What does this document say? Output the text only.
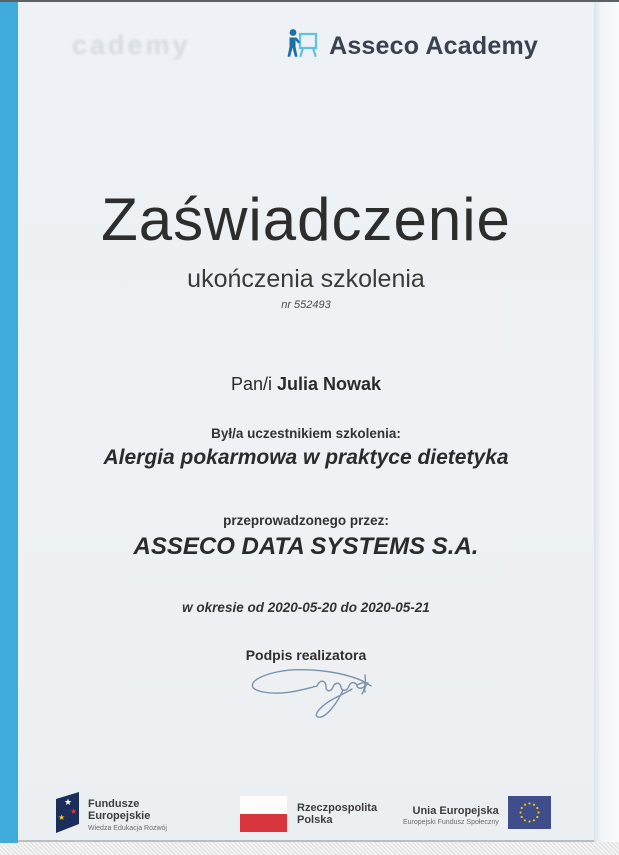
cademy	Asseco Academy
Zaświadczenie
ukończenia szkolenia
nr 552493
Pan/i Julia Nowak
Był/a uczestnikiem szkolenia:
Alergia pokarmowa w praktyce dietetyka
przeprowadzonego przez:
ASSECO DATA SYSTEMS S.A.
w okresie od 2020-05-20 do 2020-05-21
Podpis realizatora
★
★
★
Fundusze
Europejskie
Wiedza Edukacja Rozwój
Rzeczpospolita
Polska
Unia Europejska
Europejski Fundusz Społeczny
